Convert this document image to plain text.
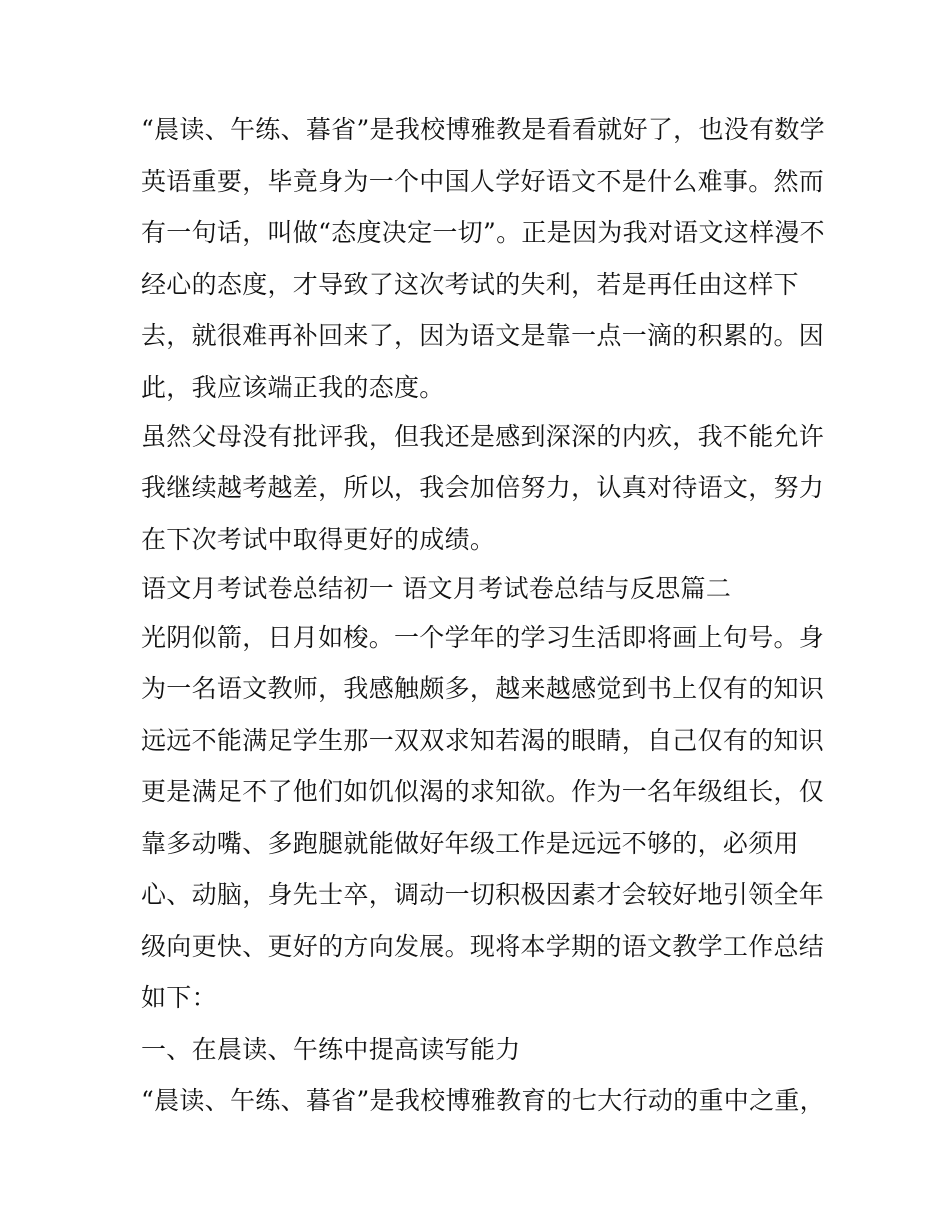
“晨读、午练、暮省”是我校博雅教是看看就好了，也没有数学
英语重要，毕竟身为一个中国人学好语文不是什么难事。然而
有一句话，叫做“态度决定一切”。正是因为我对语文这样漫不
经心的态度，才导致了这次考试的失利，若是再任由这样下
去，就很难再补回来了，因为语文是靠一点一滴的积累的。因
此，我应该端正我的态度。
虽然父母没有批评我，但我还是感到深深的内疚，我不能允许
我继续越考越差，所以，我会加倍努力，认真对待语文，努力
在下次考试中取得更好的成绩。
语文月考试卷总结初一 语文月考试卷总结与反思篇二
光阴似箭，日月如梭。一个学年的学习生活即将画上句号。身
为一名语文教师，我感触颇多，越来越感觉到书上仅有的知识
远远不能满足学生那一双双求知若渴的眼睛，自己仅有的知识
更是满足不了他们如饥似渴的求知欲。作为一名年级组长，仅
靠多动嘴、多跑腿就能做好年级工作是远远不够的，必须用
心、动脑，身先士卒，调动一切积极因素才会较好地引领全年
级向更快、更好的方向发展。现将本学期的语文教学工作总结
如下：
一、在晨读、午练中提高读写能力
“晨读、午练、暮省”是我校博雅教育的七大行动的重中之重，
